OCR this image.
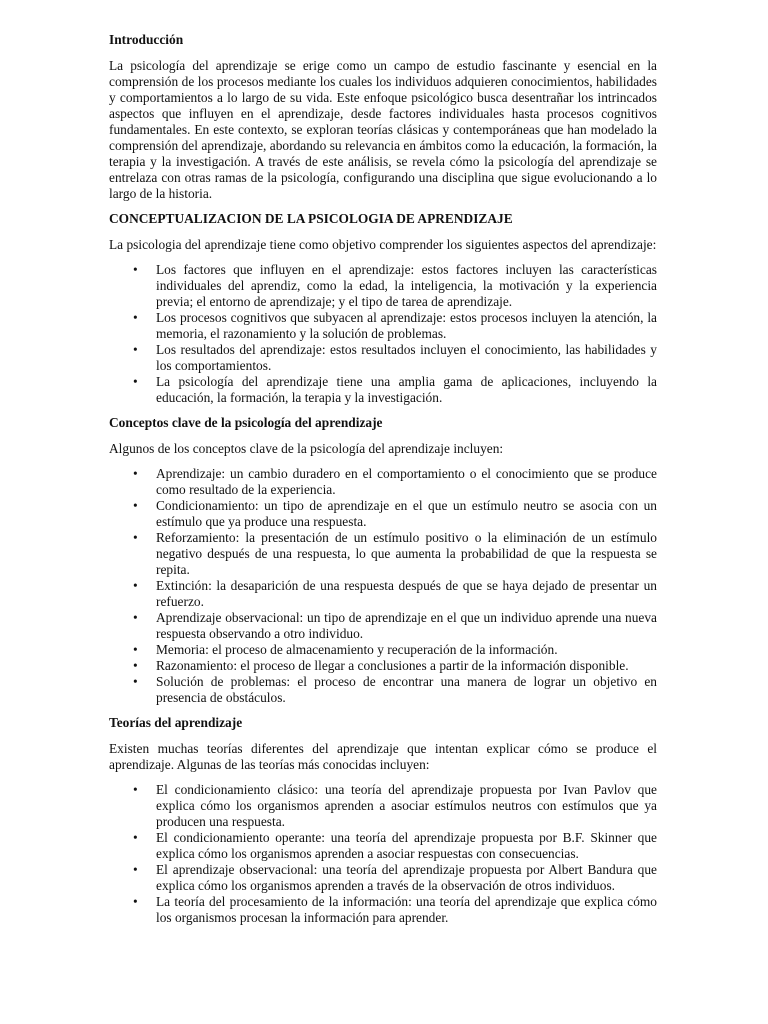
Introducción

La psicología del aprendizaje se erige como un campo de estudio fascinante y esencial en la comprensión de los procesos mediante los cuales los individuos adquieren conocimientos, habilidades y comportamientos a lo largo de su vida. Este enfoque psicológico busca desentrañar los intrincados aspectos que influyen en el aprendizaje, desde factores individuales hasta procesos cognitivos fundamentales. En este contexto, se exploran teorías clásicas y contemporáneas que han modelado la comprensión del aprendizaje, abordando su relevancia en ámbitos como la educación, la formación, la terapia y la investigación. A través de este análisis, se revela cómo la psicología del aprendizaje se entrelaza con otras ramas de la psicología, configurando una disciplina que sigue evolucionando a lo largo de la historia.

CONCEPTUALIZACION DE LA PSICOLOGIA DE APRENDIZAJE

La psicologia del aprendizaje tiene como objetivo comprender los siguientes aspectos del aprendizaje:

• Los factores que influyen en el aprendizaje: estos factores incluyen las características individuales del aprendiz, como la edad, la inteligencia, la motivación y la experiencia previa; el entorno de aprendizaje; y el tipo de tarea de aprendizaje.
• Los procesos cognitivos que subyacen al aprendizaje: estos procesos incluyen la atención, la memoria, el razonamiento y la solución de problemas.
• Los resultados del aprendizaje: estos resultados incluyen el conocimiento, las habilidades y los comportamientos.
• La psicología del aprendizaje tiene una amplia gama de aplicaciones, incluyendo la educación, la formación, la terapia y la investigación.
Conceptos clave de la psicología del aprendizaje

Algunos de los conceptos clave de la psicología del aprendizaje incluyen:

• Aprendizaje: un cambio duradero en el comportamiento o el conocimiento que se produce como resultado de la experiencia.
• Condicionamiento: un tipo de aprendizaje en el que un estímulo neutro se asocia con un estímulo que ya produce una respuesta.
• Reforzamiento: la presentación de un estímulo positivo o la eliminación de un estímulo negativo después de una respuesta, lo que aumenta la probabilidad de que la respuesta se repita.
• Extinción: la desaparición de una respuesta después de que se haya dejado de presentar un refuerzo.
• Aprendizaje observacional: un tipo de aprendizaje en el que un individuo aprende una nueva respuesta observando a otro individuo.
• Memoria: el proceso de almacenamiento y recuperación de la información.
• Razonamiento: el proceso de llegar a conclusiones a partir de la información disponible.
• Solución de problemas: el proceso de encontrar una manera de lograr un objetivo en presencia de obstáculos.
Teorías del aprendizaje

Existen muchas teorías diferentes del aprendizaje que intentan explicar cómo se produce el aprendizaje. Algunas de las teorías más conocidas incluyen:

• El condicionamiento clásico: una teoría del aprendizaje propuesta por Ivan Pavlov que explica cómo los organismos aprenden a asociar estímulos neutros con estímulos que ya producen una respuesta.
• El condicionamiento operante: una teoría del aprendizaje propuesta por B.F. Skinner que explica cómo los organismos aprenden a asociar respuestas con consecuencias.
• El aprendizaje observacional: una teoría del aprendizaje propuesta por Albert Bandura que explica cómo los organismos aprenden a través de la observación de otros individuos.
• La teoría del procesamiento de la información: una teoría del aprendizaje que explica cómo los organismos procesan la información para aprender.
